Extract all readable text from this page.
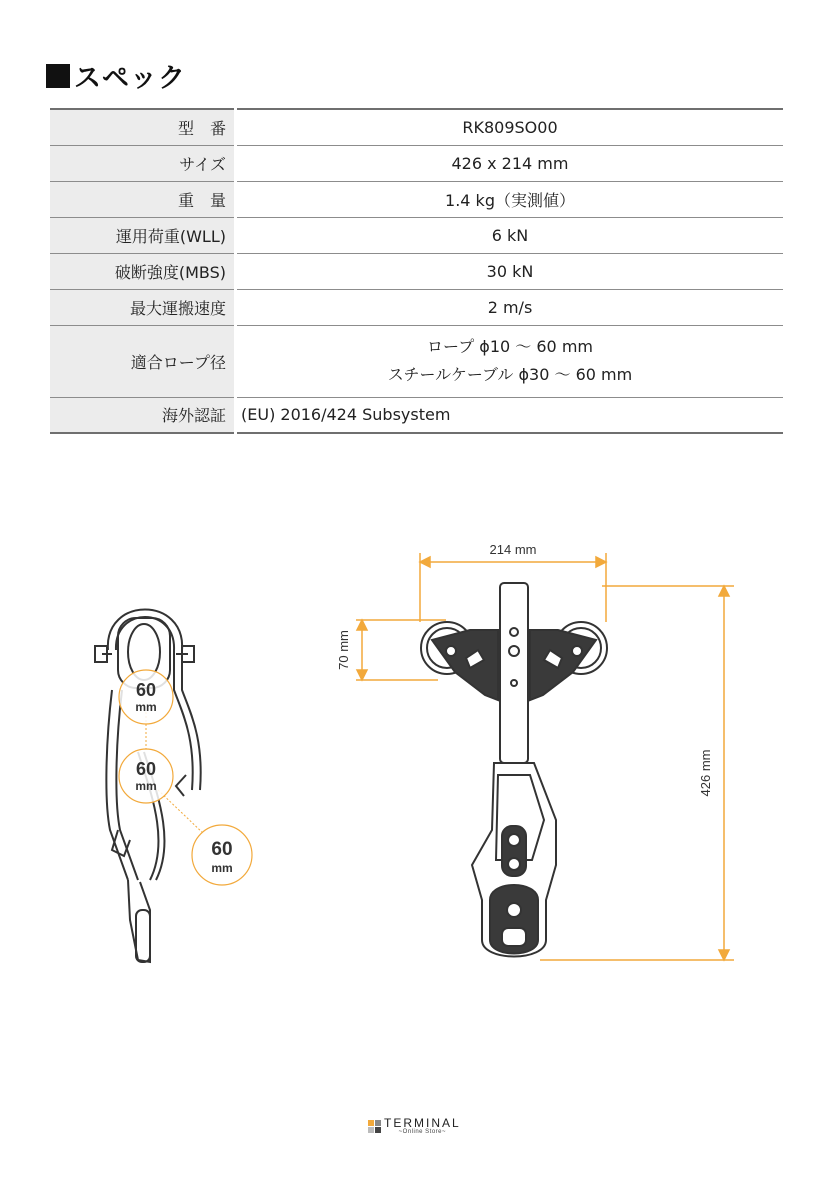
スペック
型　番	RK809SO00
サイズ	426 x 214 mm
重　量	1.4 kg（実測値）
運用荷重(WLL)	6 kN
破断強度(MBS)	30 kN
最大運搬速度	2 m/s
適合ロープ径	ロープ ϕ10 ～ 60 mm
スチールケーブル ϕ30 ～ 60 mm

海外認証	(EU) 2016/424 Subsystem
60
mm
60
mm
60
mm
214 mm
70 mm
426 mm
TERMINAL
~Online Store~
